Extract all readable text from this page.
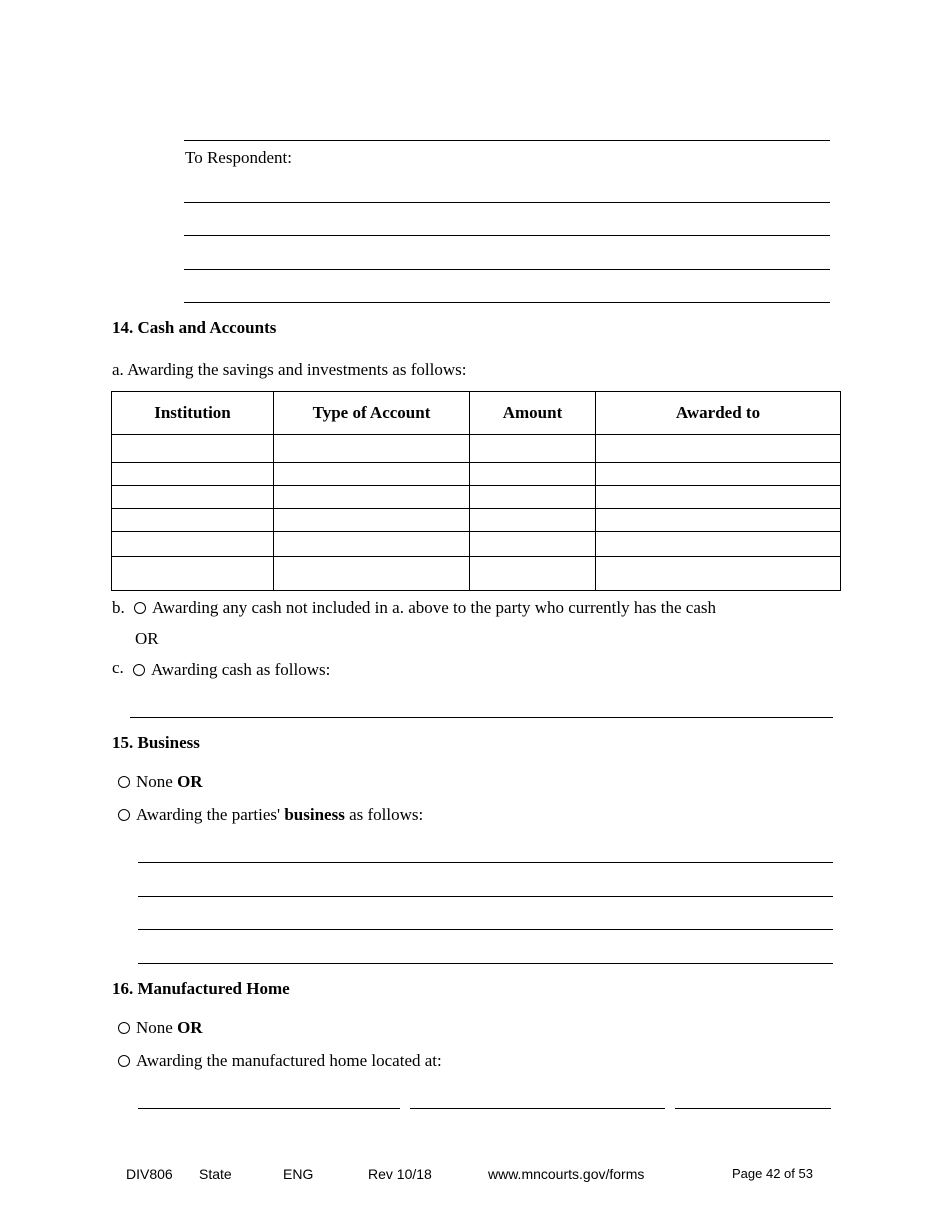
To Respondent:
14. Cash and Accounts
a. Awarding the savings and investments as follows:
Institution	Type of Account	Amount	Awarded to

b. Awarding any cash not included in a. above to the party who currently has the cash
OR
c. Awarding cash as follows:
15. Business
None OR
Awarding the parties' business as follows:
16. Manufactured Home
None OR
Awarding the manufactured home located at:
DIV806 State	ENG	Rev 10/18	www.mncourts.gov/forms	Page 42 of 53
